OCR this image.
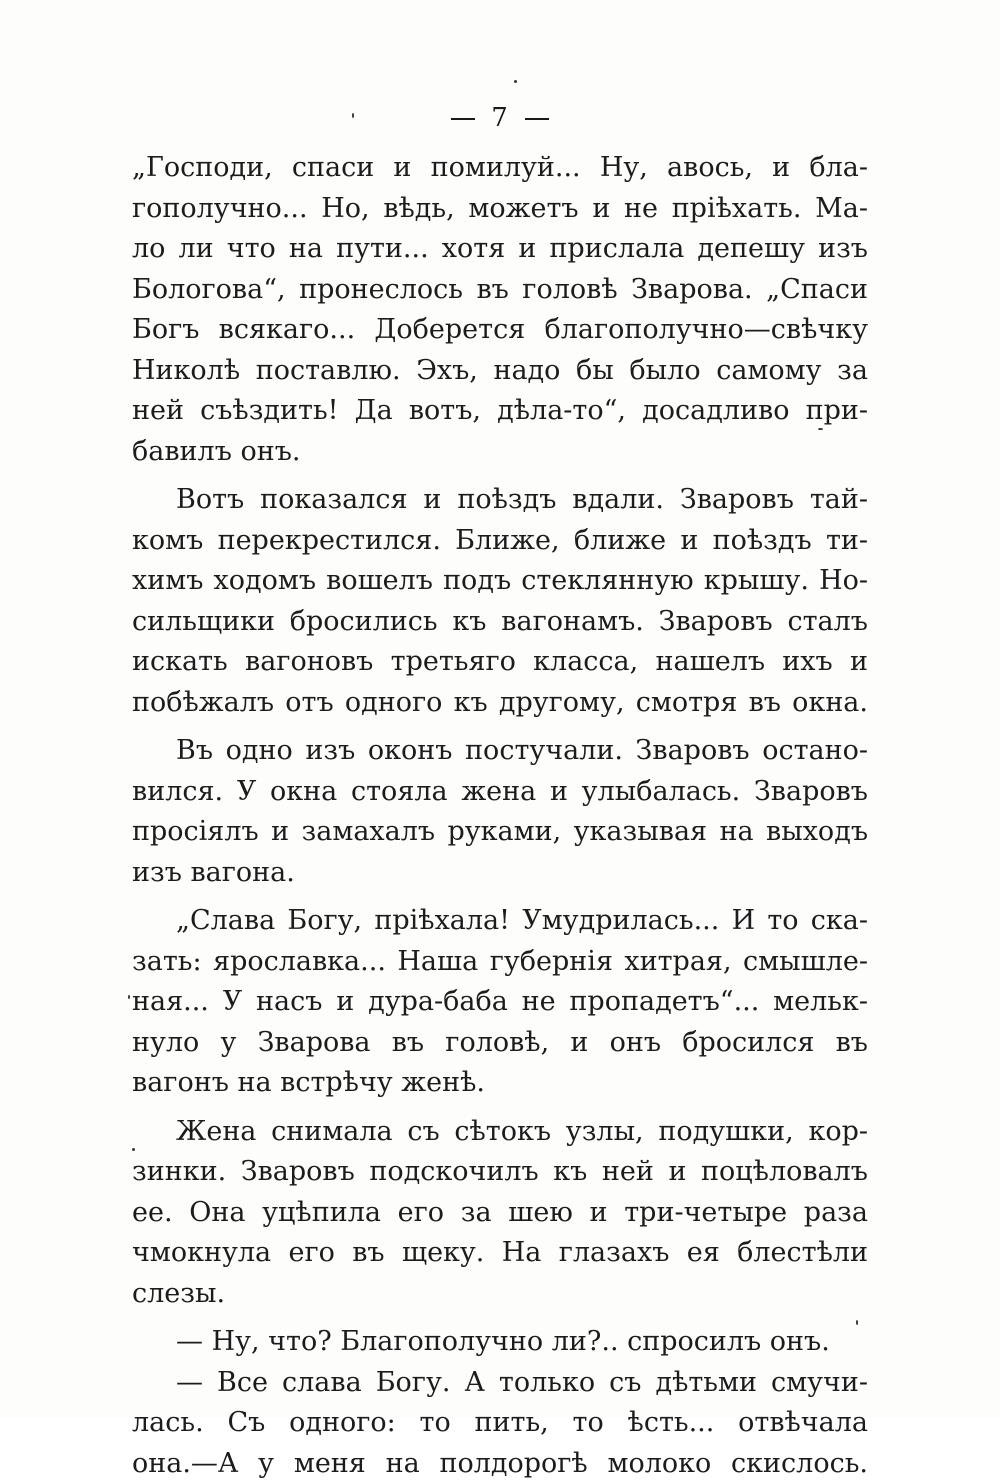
7
„Господи, спаси и помилуй... Ну, авось, и бла-
гополучно... Но, вѣдь, можетъ и не пріѣхать. Ма-
ло ли что на пути... хотя и прислала депешу изъ
Бологова“, пронеслось въ головѣ Зварова. „Спаси
Богъ всякаго... Доберется благополучно—свѣчку
Николѣ поставлю. Эхъ, надо бы было самому за
ней съѣздить! Да вотъ, дѣла-то“, досадливо при-
бавилъ онъ.
Вотъ показался и поѣздъ вдали. Зваровъ тай-
комъ перекрестился. Ближе, ближе и поѣздъ ти-
химъ ходомъ вошелъ подъ стеклянную крышу. Но-
сильщики бросились къ вагонамъ. Зваровъ сталъ
искать вагоновъ третьяго класса, нашелъ ихъ и
побѣжалъ отъ одного къ другому, смотря въ окна.
Въ одно изъ оконъ постучали. Зваровъ остано-
вился. У окна стояла жена и улыбалась. Зваровъ
просіялъ и замахалъ руками, указывая на выходъ
изъ вагона.
„Слава Богу, пріѣхала! Умудрилась... И то ска-
зать: ярославка... Наша губернія хитрая, смышле-
ная... У насъ и дура-баба не пропадетъ“... мельк-
нуло у Зварова въ головѣ, и онъ бросился въ
вагонъ на встрѣчу женѣ.
Жена снимала съ сѣтокъ узлы, подушки, кор-
зинки. Зваровъ подскочилъ къ ней и поцѣловалъ
ее. Она уцѣпила его за шею и три-четыре раза
чмокнула его въ щеку. На глазахъ ея блестѣли
слезы.
— Ну, что? Благополучно ли?.. спросилъ онъ.
— Все слава Богу. А только съ дѣтьми смучи-
лась. Съ одного: то пить, то ѣсть... отвѣчала
она.—А у меня на полдорогѣ молоко скислось.
